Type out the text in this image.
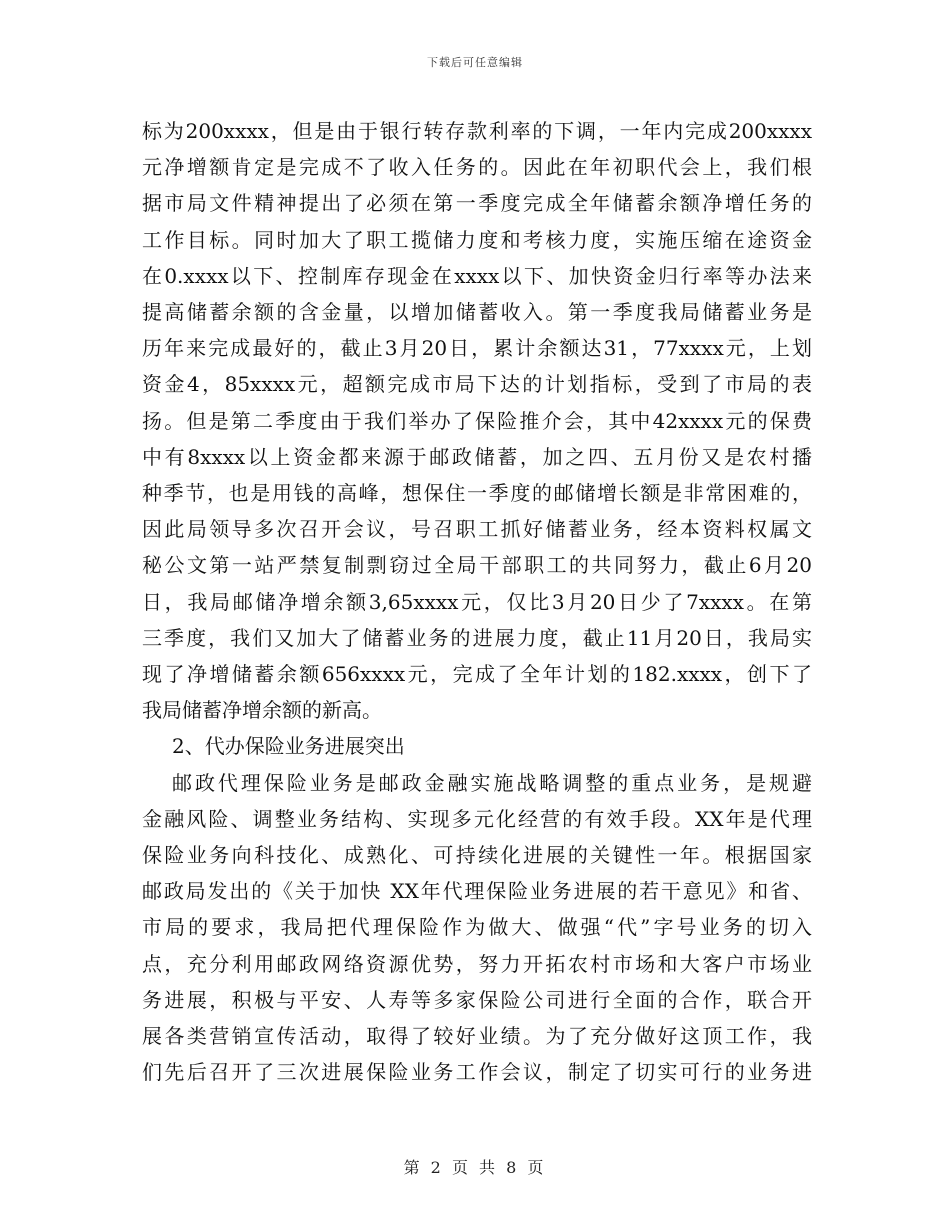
下载后可任意编辑
标为200xxxx，但是由于银行转存款利率的下调，一年内完成200xxxx
元净增额肯定是完成不了收入任务的。因此在年初职代会上，我们根
据市局文件精神提出了必须在第一季度完成全年储蓄余额净增任务的
工作目标。同时加大了职工揽储力度和考核力度，实施压缩在途资金
在0.xxxx以下、控制库存现金在xxxx以下、加快资金归行率等办法来
提高储蓄余额的含金量，以增加储蓄收入。第一季度我局储蓄业务是
历年来完成最好的，截止3月20日，累计余额达31，77xxxx元，上划
资金4，85xxxx元，超额完成市局下达的计划指标，受到了市局的表
扬。但是第二季度由于我们举办了保险推介会，其中42xxxx元的保费
中有8xxxx以上资金都来源于邮政储蓄，加之四、五月份又是农村播
种季节，也是用钱的高峰，想保住一季度的邮储增长额是非常困难的，
因此局领导多次召开会议，号召职工抓好储蓄业务，经本资料权属文
秘公文第一站严禁复制剽窃过全局干部职工的共同努力，截止6月20
日，我局邮储净增余额3,65xxxx元，仅比3月20日少了7xxxx。在第
三季度，我们又加大了储蓄业务的进展力度，截止11月20日，我局实
现了净增储蓄余额656xxxx元，完成了全年计划的182.xxxx，创下了
我局储蓄净增余额的新高。
2、代办保险业务进展突出
邮政代理保险业务是邮政金融实施战略调整的重点业务，是规避
金融风险、调整业务结构、实现多元化经营的有效手段。XX年是代理
保险业务向科技化、成熟化、可持续化进展的关键性一年。根据国家
邮政局发出的《关于加快 XX年代理保险业务进展的若干意见》和省、
市局的要求，我局把代理保险作为做大、做强“代”字号业务的切入
点，充分利用邮政网络资源优势，努力开拓农村市场和大客户市场业
务进展，积极与平安、人寿等多家保险公司进行全面的合作，联合开
展各类营销宣传活动，取得了较好业绩。为了充分做好这顶工作，我
们先后召开了三次进展保险业务工作会议，制定了切实可行的业务进
第 2 页 共 8 页
